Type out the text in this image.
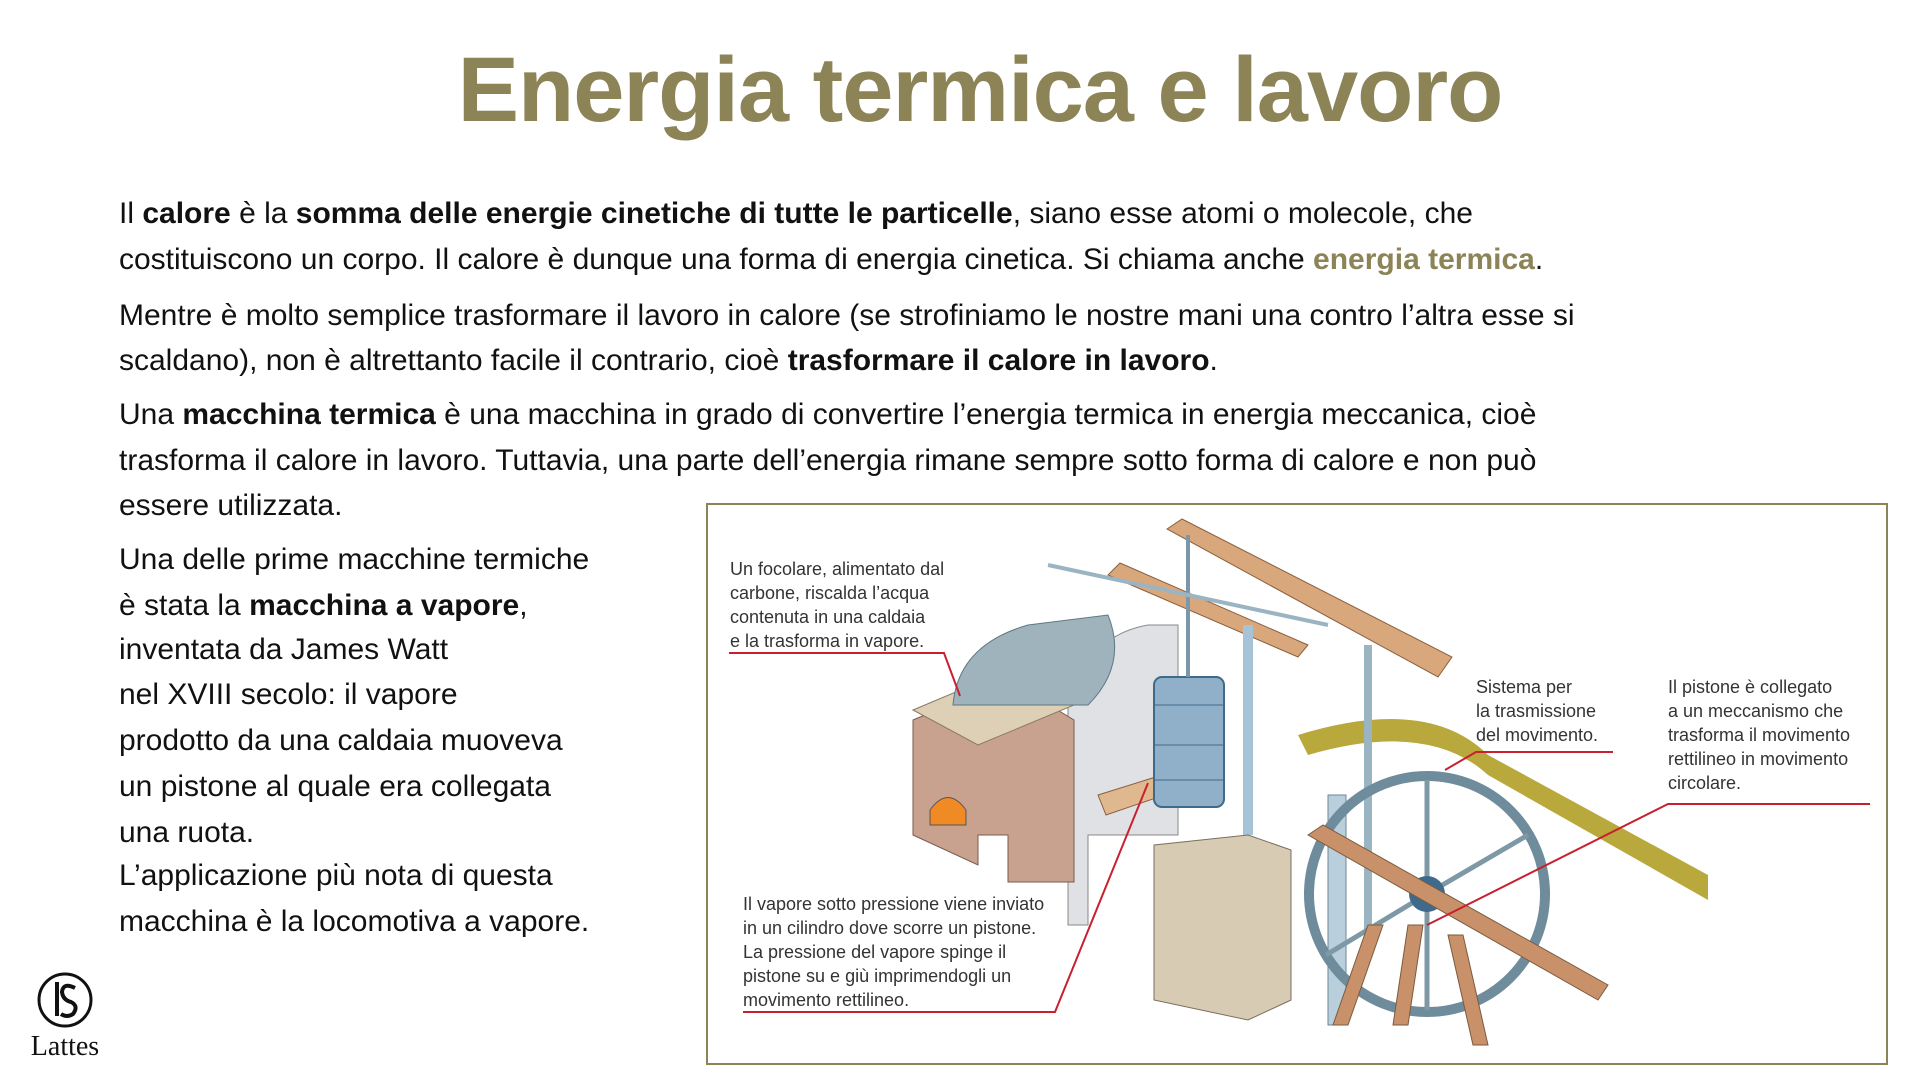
Energia termica e lavoro
Il calore è la somma delle energie cinetiche di tutte le particelle, siano esse atomi o molecole, che
costituiscono un corpo. Il calore è dunque una forma di energia cinetica. Si chiama anche energia termica.
Mentre è molto semplice trasformare il lavoro in calore (se strofiniamo le nostre mani una contro l’altra esse si
scaldano), non è altrettanto facile il contrario, cioè trasformare il calore in lavoro.
Una macchina termica è una macchina in grado di convertire l’energia termica in energia meccanica, cioè
trasforma il calore in lavoro. Tuttavia, una parte dell’energia rimane sempre sotto forma di calore e non può
essere utilizzata.
Una delle prime macchine termiche
è stata la macchina a vapore,
inventata da James Watt
nel XVIII secolo: il vapore
prodotto da una caldaia muoveva
un pistone al quale era collegata
una ruota.
L’applicazione più nota di questa
macchina è la locomotiva a vapore.
Un focolare, alimentato dal
carbone, riscalda l’acqua
contenuta in una caldaia
e la trasforma in vapore.
Il vapore sotto pressione viene inviato
in un cilindro dove scorre un pistone.
La pressione del vapore spinge il
pistone su e giù imprimendogli un
movimento rettilineo.
Sistema per
la trasmissione
del movimento.
Il pistone è collegato
a un meccanismo che
trasforma il movimento
rettilineo in movimento
circolare.
Lattes
